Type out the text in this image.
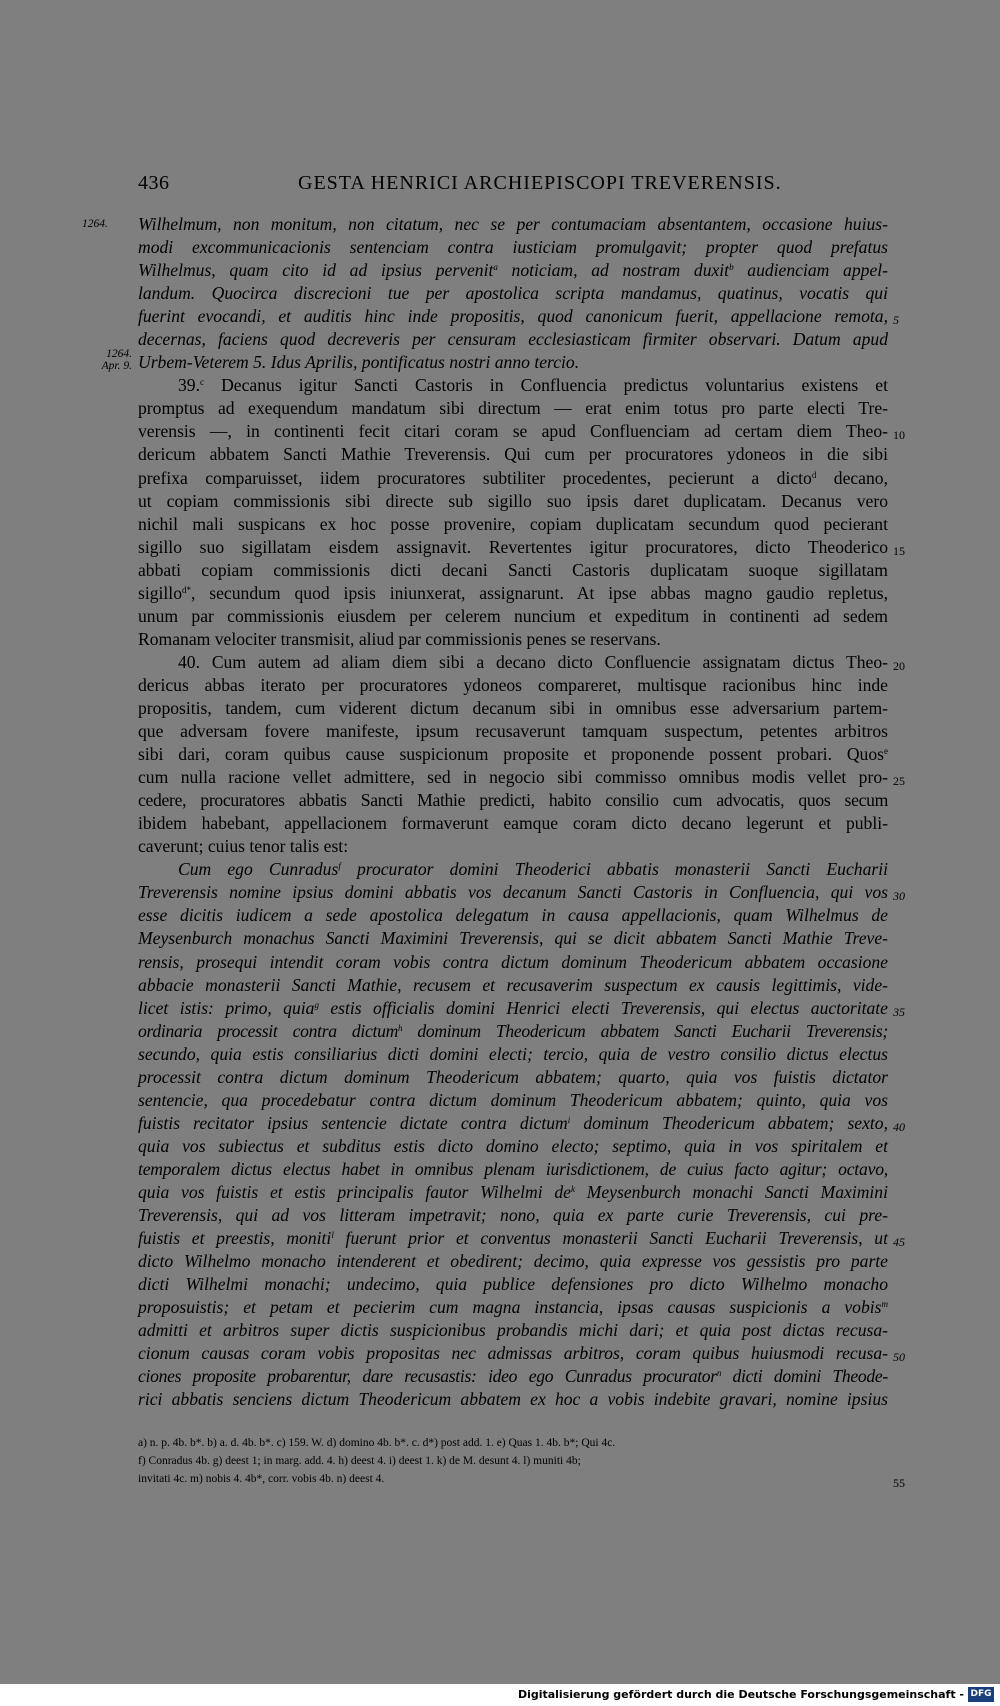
436	GESTA HENRICI ARCHIEPISCOPI TREVERENSIS.
1264.	Wilhelmum, non monitum, non citatum, nec se per contumaciam absentantem, occasione huius-
modi excommunicacionis sentenciam contra iusticiam promulgavit; propter quod prefatus
Wilhelmus, quam cito id ad ipsius pervenit$^a$ noticiam, ad nostram duxit$^b$ audienciam appel-
landum. Quocirca discrecioni tue per apostolica scripta mandamus, quatinus, vocatis qui
fuerint evocandi, et auditis hinc inde propositis, quod canonicum fuerit, appellacione remota, 5
decernas, faciens quod decreveris per censuram ecclesiasticam firmiter observari. Datum apud
1264.
Apr. 9. Urbem-Veterem 5. Idus Aprilis, pontificatus nostri anno tercio.
39.$^c$ Decanus igitur Sancti Castoris in Confluencia predictus voluntarius existens et
promptus ad exequendum mandatum sibi directum — erat enim totus pro parte electi Tre-
verensis —, in continenti fecit citari coram se apud Confluenciam ad certam diem Theo- 10
dericum abbatem Sancti Mathie Treverensis. Qui cum per procuratores ydoneos in die sibi
prefixa comparuisset, iidem procuratores subtiliter procedentes, pecierunt a dicto$^d$ decano,
ut copiam commissionis sibi directe sub sigillo suo ipsis daret duplicatam. Decanus vero
nichil mali suspicans ex hoc posse provenire, copiam duplicatam secundum quod pecierant
sigillo suo sigillatam eisdem assignavit. Revertentes igitur procuratores, dicto Theoderico 15
abbati copiam commissionis dicti decani Sancti Castoris duplicatam suoque sigillatam
sigillo$^{d*}$, secundum quod ipsis iniunxerat, assignarunt. At ipse abbas magno gaudio repletus,
unum par commissionis eiusdem per celerem nuncium et expeditum in continenti ad sedem
Romanam velociter transmisit, aliud par commissionis penes se reservans.
40. Cum autem ad aliam diem sibi a decano dicto Confluencie assignatam dictus Theo- 20
dericus abbas iterato per procuratores ydoneos compareret, multisque racionibus hinc inde
propositis, tandem, cum viderent dictum decanum sibi in omnibus esse adversarium partem-
que adversam fovere manifeste, ipsum recusaverunt tamquam suspectum, petentes arbitros
sibi dari, coram quibus cause suspicionum proposite et proponende possent probari. Quos$^e$
cum nulla racione vellet admittere, sed in negocio sibi commisso omnibus modis vellet pro- 25
cedere, procuratores abbatis Sancti Mathie predicti, habito consilio cum advocatis, quos secum
ibidem habebant, appellacionem formaverunt eamque coram dicto decano legerunt et publi-
caverunt; cuius tenor talis est:
Cum ego Cunradus$^f$ procurator domini Theoderici abbatis monasterii Sancti Eucharii
Treverensis nomine ipsius domini abbatis vos decanum Sancti Castoris in Confluencia, qui vos 30
esse dicitis iudicem a sede apostolica delegatum in causa appellacionis, quam Wilhelmus de
Meysenburch monachus Sancti Maximini Treverensis, qui se dicit abbatem Sancti Mathie Treve-
rensis, prosequi intendit coram vobis contra dictum dominum Theodericum abbatem occasione
abbacie monasterii Sancti Mathie, recusem et recusaverim suspectum ex causis legittimis, vide-
licet istis: primo, quia$^g$ estis officialis domini Henrici electi Treverensis, qui electus auctoritate 35
ordinaria processit contra dictum$^h$ dominum Theodericum abbatem Sancti Eucharii Treverensis;
secundo, quia estis consiliarius dicti domini electi; tercio, quia de vestro consilio dictus electus
processit contra dictum dominum Theodericum abbatem; quarto, quia vos fuistis dictator
sentencie, qua procedebatur contra dictum dominum Theodericum abbatem; quinto, quia vos
fuistis recitator ipsius sentencie dictate contra dictum$^i$ dominum Theodericum abbatem; sexto, 40
quia vos subiectus et subditus estis dicto domino electo; septimo, quia in vos spiritalem et
temporalem dictus electus habet in omnibus plenam iurisdictionem, de cuius facto agitur; octavo,
quia vos fuistis et estis principalis fautor Wilhelmi $de^k$ Meysenburch monachi Sancti Maximini
Treverensis, qui ad vos litteram impetravit; nono, quia ex parte curie Treverensis, cui pre-
fuistis et preestis, moniti$^l$ fuerunt prior et conventus monasterii Sancti Eucharii Treverensis, ut 45
dicto Wilhelmo monacho intenderent et obedirent; decimo, quia expresse vos gessistis pro parte
dicti Wilhelmi monachi; undecimo, quia publice defensiones pro dicto Wilhelmo monacho
proposuistis; et petam et pecierim cum magna instancia, ipsas causas suspicionis a vobis$^m$
admitti et arbitros super dictis suspicionibus probandis michi dari; et quia post dictas recusa-
cionum causas coram vobis propositas nec admissas arbitros, coram quibus huiusmodi recusa- 50
ciones proposite probarentur, dare recusastis: ideo ego Cunradus procurator$^n$ dicti domini Theode-
rici abbatis senciens dictum Theodericum abbatem ex hoc a vobis indebite gravari, nomine ipsius
a) n. p. 4b. b*. b) a. d. 4b. b*. c) 159. W. d) domino 4b. b*. c. d*) post add. 1. e) Quas 1. 4b. b*; Qui 4c.
f) Conradus 4b. g) deest 1; in marg. add. 4. h) deest 4. i) deest 1. k) de M. desunt 4. l) muniti 4b;
invitati 4c. m) nobis 4. 4b*, corr. vobis 4b. n) deest 4.	55
Digitalisierung gefördert durch die Deutsche Forschungsgemeinschaft - DFG
